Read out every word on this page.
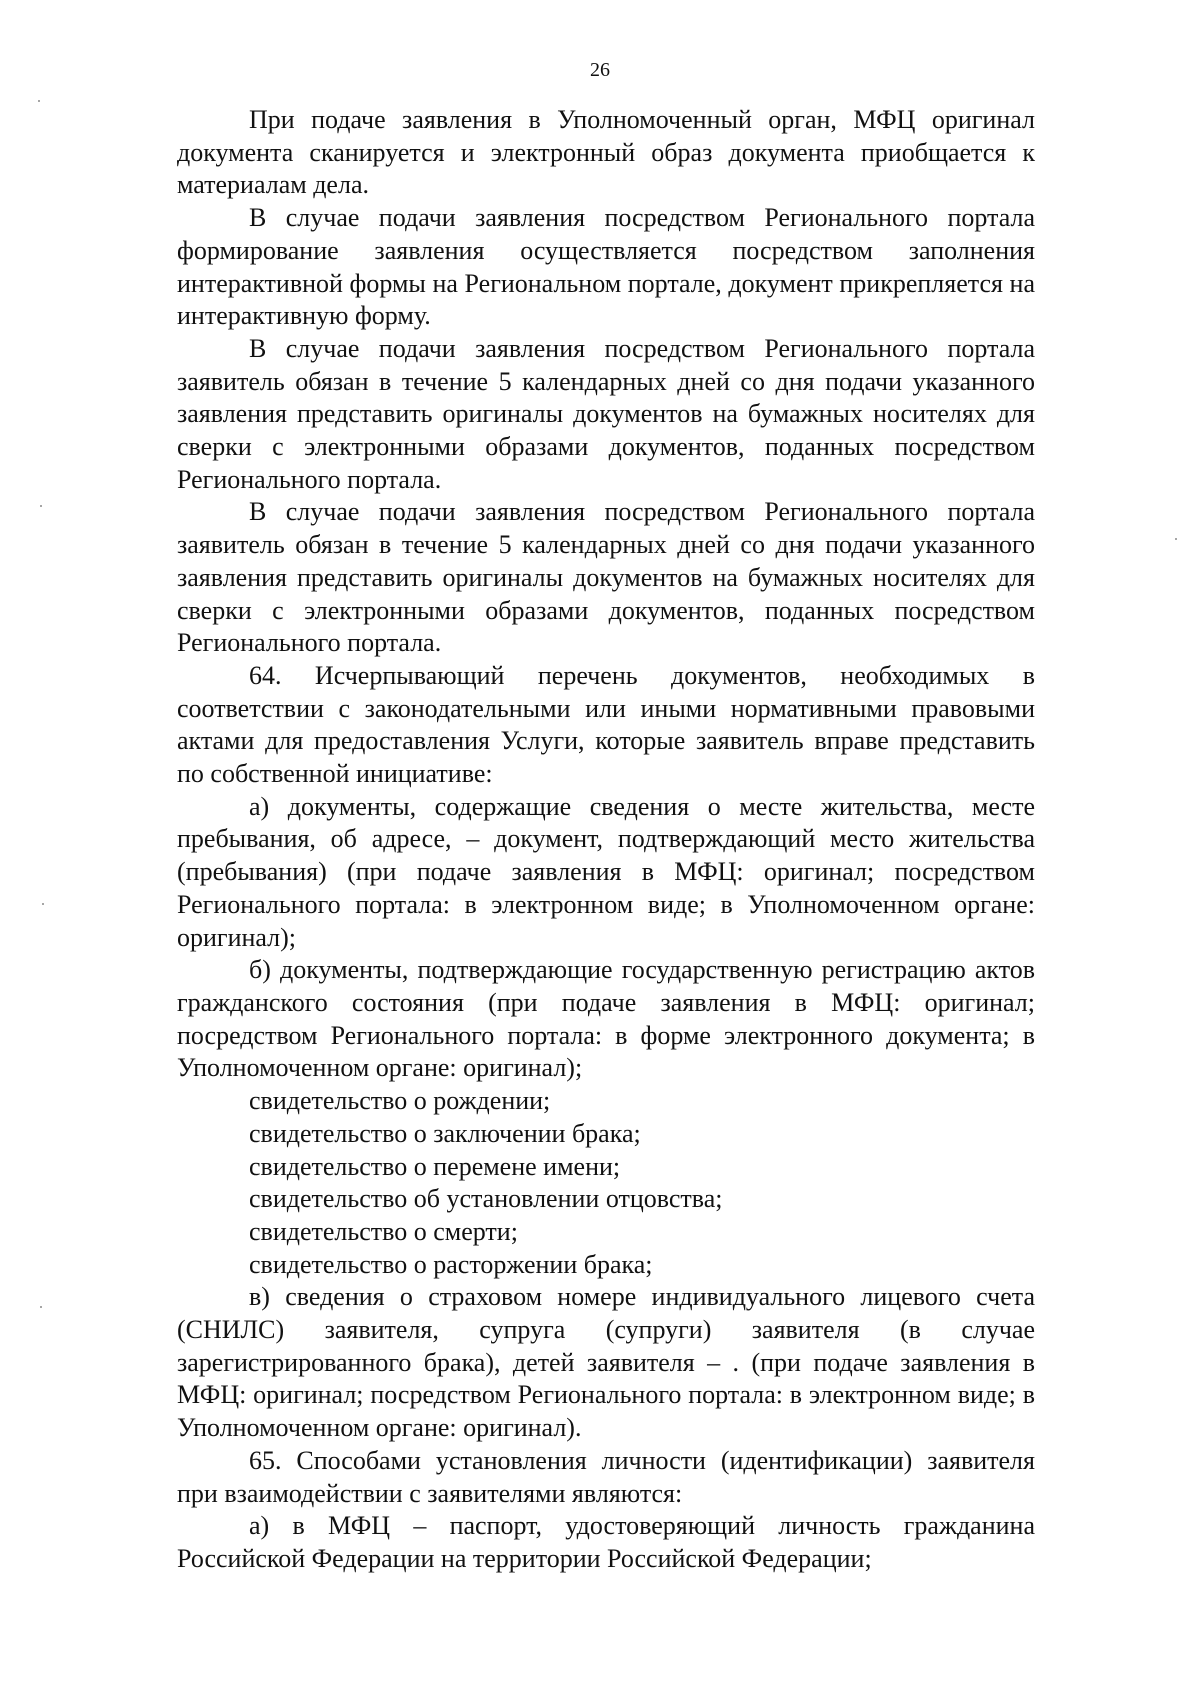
26

При подаче заявления в Уполномоченный орган, МФЦ оригинал документа сканируется и электронный образ документа приобщается к материалам дела.

В случае подачи заявления посредством Регионального портала формирование заявления осуществляется посредством заполнения интерактивной формы на Региональном портале, документ прикрепляется на интерактивную форму.

В случае подачи заявления посредством Регионального портала заявитель обязан в течение 5 календарных дней со дня подачи указанного заявления представить оригиналы документов на бумажных носителях для сверки с электронными образами документов, поданных посредством Регионального портала.

В случае подачи заявления посредством Регионального портала заявитель обязан в течение 5 календарных дней со дня подачи указанного заявления представить оригиналы документов на бумажных носителях для сверки с электронными образами документов, поданных посредством Регионального портала.

64. Исчерпывающий перечень документов, необходимых в соответствии с законодательными или иными нормативными правовыми актами для предоставления Услуги, которые заявитель вправе представить по собственной инициативе:

а) документы, содержащие сведения о месте жительства, месте пребывания, об адресе, – документ, подтверждающий место жительства (пребывания) (при подаче заявления в МФЦ: оригинал; посредством Регионального портала: в электронном виде; в Уполномоченном органе: оригинал);

б) документы, подтверждающие государственную регистрацию актов гражданского состояния (при подаче заявления в МФЦ: оригинал; посредством Регионального портала: в форме электронного документа; в Уполномоченном органе: оригинал);

свидетельство о рождении;

свидетельство о заключении брака;

свидетельство о перемене имени;

свидетельство об установлении отцовства;

свидетельство о смерти;

свидетельство о расторжении брака;

в) сведения о страховом номере индивидуального лицевого счета (СНИЛС) заявителя, супруга (супруги) заявителя (в случае зарегистрированного брака), детей заявителя – . (при подаче заявления в МФЦ: оригинал; посредством Регионального портала: в электронном виде; в Уполномоченном органе: оригинал).

65. Способами установления личности (идентификации) заявителя при взаимодействии с заявителями являются:

а) в МФЦ – паспорт, удостоверяющий личность гражданина Российской Федерации на территории Российской Федерации;
